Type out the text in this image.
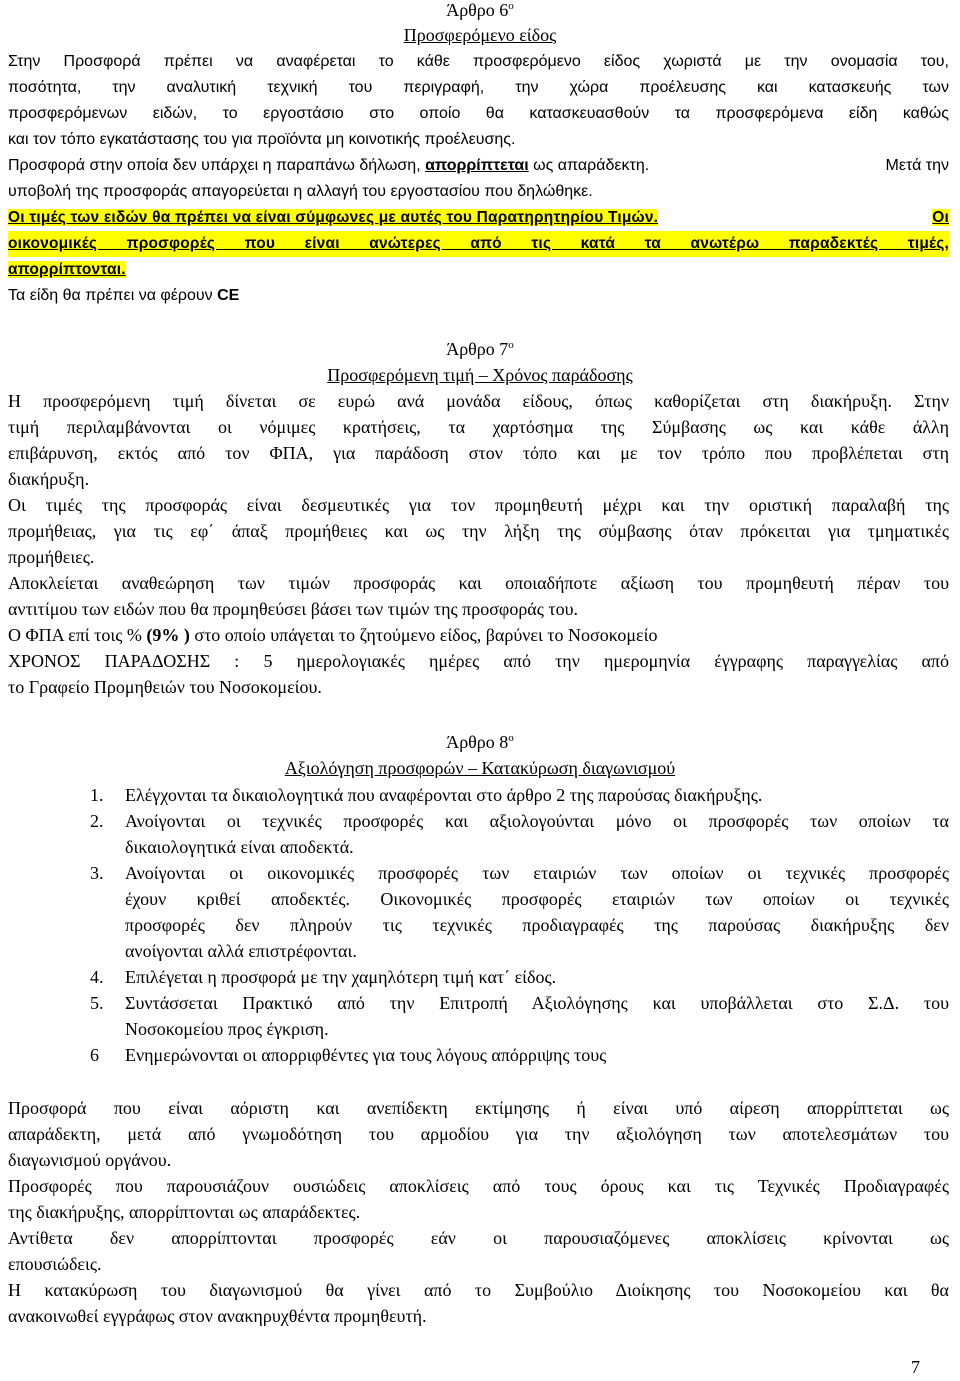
Άρθρο $6^o$
Προσφερόμενο είδος
Στην Προσφορά πρέπει να αναφέρεται το κάθε προσφερόμενο είδος χωριστά με την ονομασία του,
ποσότητα, την αναλυτική τεχνική του περιγραφή, την χώρα προέλευσης και κατασκευής των
προσφερόμενων ειδών, το εργοστάσιο στο οποίο θα κατασκευασθούν τα προσφερόμενα είδη καθώς
και τον τόπο εγκατάστασης του για προϊόντα μη κοινοτικής προέλευσης.
Προσφορά στην οποία δεν υπάρχει η παραπάνω δήλωση, απορρίπτεται ως απαράδεκτη.	Μετά την
υποβολή της προσφοράς απαγορεύεται η αλλαγή του εργοστασίου που δηλώθηκε.
Οι τιμές των ειδών θα πρέπει να είναι σύμφωνες με αυτές του Παρατηρητηρίου Τιμών.	Οι
οικονομικές προσφορές που είναι ανώτερες από τις κατά τα ανωτέρω παραδεκτές τιμές,
απορρίπτονται.
Τα είδη θα πρέπει να φέρουν CE
Άρθρο $7^o$
Προσφερόμενη τιμή – Χρόνος παράδοσης
Η προσφερόμενη τιμή δίνεται σε ευρώ ανά μονάδα είδους, όπως καθορίζεται στη διακήρυξη. Στην
τιμή περιλαμβάνονται οι νόμιμες κρατήσεις, τα χαρτόσημα της Σύμβασης ως και κάθε άλλη
επιβάρυνση, εκτός από τον ΦΠΑ, για παράδοση στον τόπο και με τον τρόπο που προβλέπεται στη
διακήρυξη.
Οι τιμές της προσφοράς είναι δεσμευτικές για τον προμηθευτή μέχρι και την οριστική παραλαβή της
προμήθειας, για τις εφ΄ άπαξ προμήθειες και ως την λήξη της σύμβασης όταν πρόκειται για τμηματικές
προμήθειες.
Αποκλείεται αναθεώρηση των τιμών προσφοράς και οποιαδήποτε αξίωση του προμηθευτή πέραν του
αντιτίμου των ειδών που θα προμηθεύσει βάσει των τιμών της προσφοράς του.
Ο ΦΠΑ επί τοις % (9% ) στο οποίο υπάγεται το ζητούμενο είδος, βαρύνει το Νοσοκομείο
ΧΡΟΝΟΣ ΠΑΡΑΔΟΣΗΣ : 5 ημερολογιακές ημέρες από την ημερομηνία έγγραφης παραγγελίας από
το Γραφείο Προμηθειών του Νοσοκομείου.
Άρθρο $8^o$
Αξιολόγηση προσφορών – Κατακύρωση διαγωνισμού
1. Ελέγχονται τα δικαιολογητικά που αναφέρονται στο άρθρο 2 της παρούσας διακήρυξης.
2. Ανοίγονται οι τεχνικές προσφορές και αξιολογούνται μόνο οι προσφορές των οποίων τα
δικαιολογητικά είναι αποδεκτά.
3. Ανοίγονται οι οικονομικές προσφορές των εταιριών των οποίων οι τεχνικές προσφορές
έχουν κριθεί αποδεκτές. Οικονομικές προσφορές εταιριών των οποίων οι τεχνικές
προσφορές δεν πληρούν τις τεχνικές προδιαγραφές της παρούσας διακήρυξης δεν
ανοίγονται αλλά επιστρέφονται.
4. Επιλέγεται η προσφορά με την χαμηλότερη τιμή κατ΄ είδος.
5. Συντάσσεται Πρακτικό από την Επιτροπή Αξιολόγησης και υποβάλλεται στο Σ.Δ. του
Νοσοκομείου προς έγκριση.
6 Ενημερώνονται οι απορριφθέντες για τους λόγους απόρριψης τους
Προσφορά που είναι αόριστη και ανεπίδεκτη εκτίμησης ή είναι υπό αίρεση απορρίπτεται ως
απαράδεκτη, μετά από γνωμοδότηση του αρμοδίου για την αξιολόγηση των αποτελεσμάτων του
διαγωνισμού οργάνου.
Προσφορές που παρουσιάζουν ουσιώδεις αποκλίσεις από τους όρους και τις Τεχνικές Προδιαγραφές
της διακήρυξης, απορρίπτονται ως απαράδεκτες.
Αντίθετα δεν απορρίπτονται προσφορές εάν οι παρουσιαζόμενες αποκλίσεις κρίνονται ως
επουσιώδεις.
Η κατακύρωση του διαγωνισμού θα γίνει από το Συμβούλιο Διοίκησης του Νοσοκομείου και θα
ανακοινωθεί εγγράφως στον ανακηρυχθέντα προμηθευτή.
7
